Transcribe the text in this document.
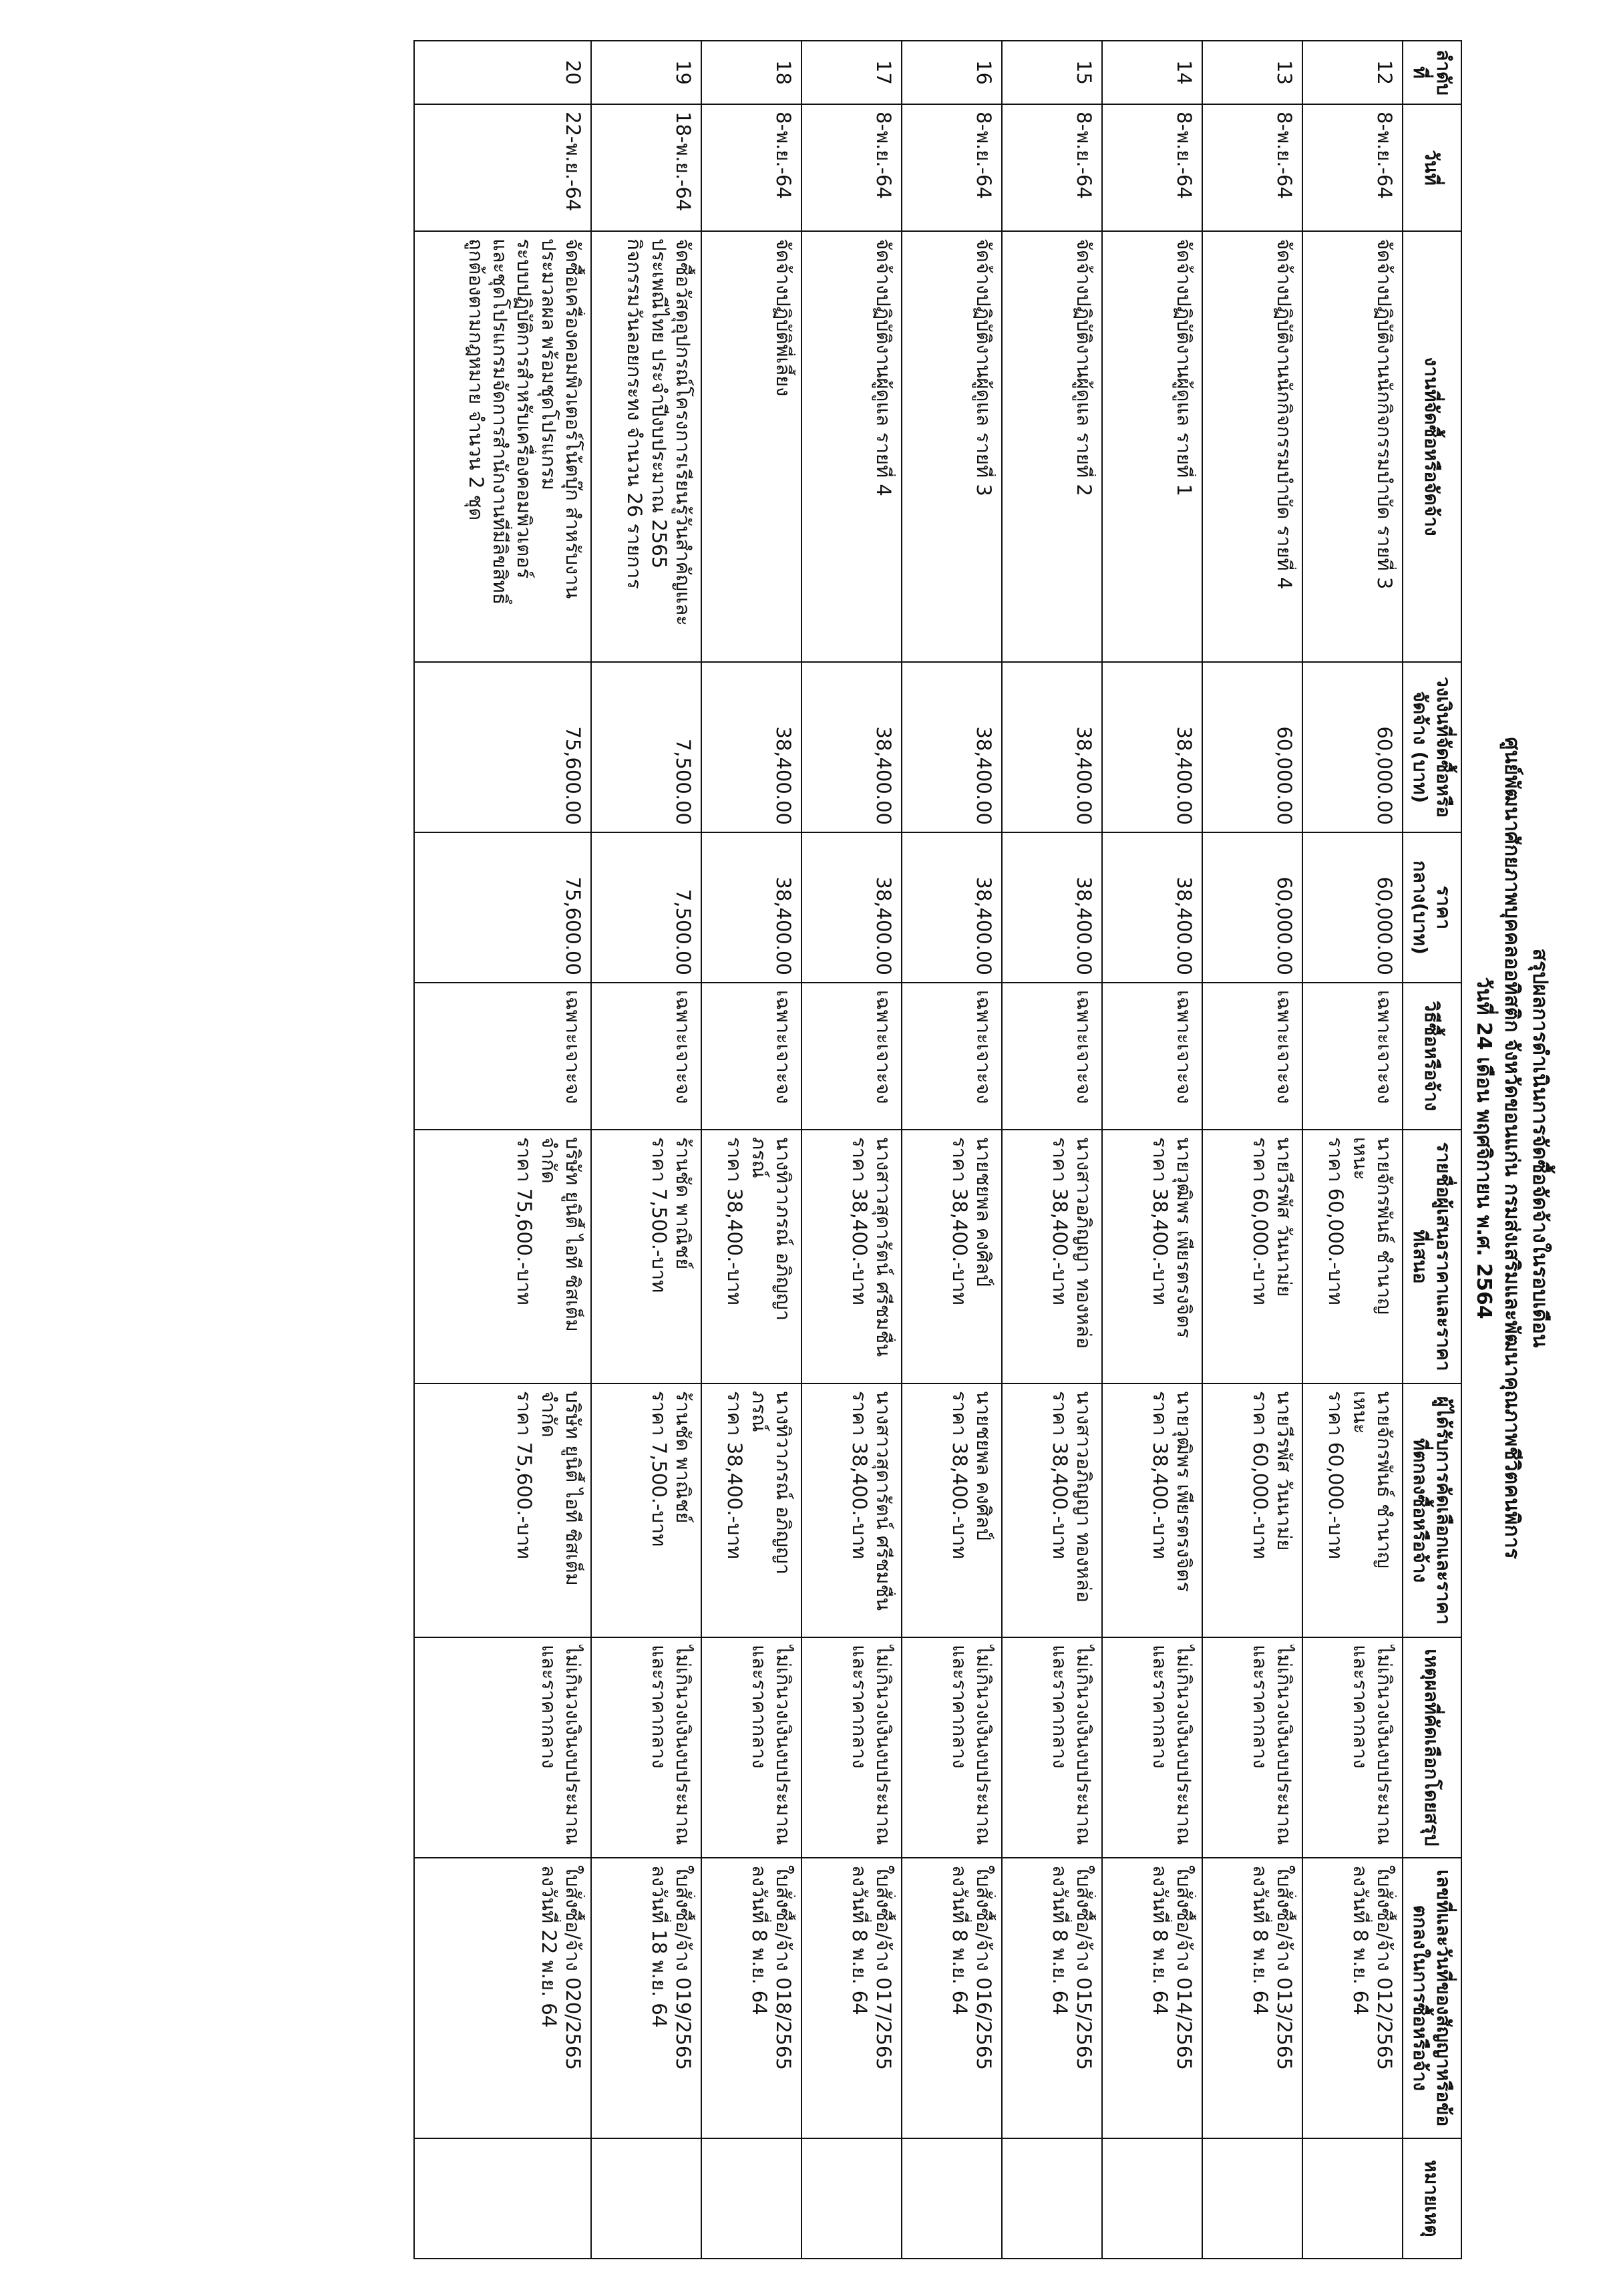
สรุปผลการดำเนินการจัดซื้อจัดจ้างในรอบเดือน
ศูนย์พัฒนาศักยภาพบุคคลออทิสติก จังหวัดขอนแก่น กรมส่งเสริมและพัฒนาคุณภาพชีวิตคนพิการ
วันที่ 24 เดือน พฤศจิกายน พ.ศ. 2564
ลำดับที่	วันที่	งานที่จัดซื้อหรือจัดจ้าง	วงเงินที่จัดซื้อหรือจัดจ้าง (บาท)	ราคากลาง(บาท)	วิธีซื้อหรือจ้าง	รายชื่อผู้เสนอราคาและราคาที่เสนอ	ผู้ได้รับการคัดเลือกและราคาที่ตกลงซื้อหรือจ้าง	เหตุผลที่คัดเลือกโดยสรุป	เลขที่และวันที่ของสัญญาหรือข้อตกลงในการซื้อหรือจ้าง	หมายเหตุ
12	8-พ.ย.-64	จัดจ้างปฏิบัติงานนักกิจกรรมบำบัด รายที่ 3	60,000.00	60,000.00	เฉพาะเจาะจง	นายจักรพันธ์ ชำนาญ
เหนะ
ราคา 60,000.-บาท	นายจักรพันธ์ ชำนาญ
เหนะ
ราคา 60,000.-บาท	ไม่เกินวงเงินงบประมาณ
และราคากลาง	ใบสั่งซื้อ/จ้าง 012/2565
ลงวันที่ 8 พ.ย. 64	

13	8-พ.ย.-64	จัดจ้างปฏิบัติงานนักกิจกรรมบำบัด รายที่ 4	60,000.00	60,000.00	เฉพาะเจาะจง	นายวีรพัส วันนาม่ย
ราคา 60,000.-บาท	นายวีรพัส วันนาม่ย
ราคา 60,000.-บาท	ไม่เกินวงเงินงบประมาณ
และราคากลาง	ใบสั่งซื้อ/จ้าง 013/2565
ลงวันที่ 8 พ.ย. 64	

14	8-พ.ย.-64	จัดจ้างปฏิบัติงานผู้ดูแล รายที่ 1	38,400.00	38,400.00	เฉพาะเจาะจง	นายวุฒิพร เพียรตรงจิตร
ราคา 38,400.-บาท	นายวุฒิพร เพียรตรงจิตร
ราคา 38,400.-บาท	ไม่เกินวงเงินงบประมาณ
และราคากลาง	ใบสั่งซื้อ/จ้าง 014/2565
ลงวันที่ 8 พ.ย. 64	

15	8-พ.ย.-64	จัดจ้างปฏิบัติงานผู้ดูแล รายที่ 2	38,400.00	38,400.00	เฉพาะเจาะจง	นางสาวอภิญญา ทองหล่อ
ราคา 38,400.-บาท	นางสาวอภิญญา ทองหล่อ
ราคา 38,400.-บาท	ไม่เกินวงเงินงบประมาณ
และราคากลาง	ใบสั่งซื้อ/จ้าง 015/2565
ลงวันที่ 8 พ.ย. 64	

16	8-พ.ย.-64	จัดจ้างปฏิบัติงานผู้ดูแล รายที่ 3	38,400.00	38,400.00	เฉพาะเจาะจง	นายชยพล คงศิลป์
ราคา 38,400.-บาท	นายชยพล คงศิลป์
ราคา 38,400.-บาท	ไม่เกินวงเงินงบประมาณ
และราคากลาง	ใบสั่งซื้อ/จ้าง 016/2565
ลงวันที่ 8 พ.ย. 64	

17	8-พ.ย.-64	จัดจ้างปฏิบัติงานผู้ดูแล รายที่ 4	38,400.00	38,400.00	เฉพาะเจาะจง	นางสาวสุดารัตน์ ศรีชมชื่น
ราคา 38,400.-บาท	นางสาวสุดารัตน์ ศรีชมชื่น
ราคา 38,400.-บาท	ไม่เกินวงเงินงบประมาณ
และราคากลาง	ใบสั่งซื้อ/จ้าง 017/2565
ลงวันที่ 8 พ.ย. 64	

18	8-พ.ย.-64	จัดจ้างปฏิบัติพี่เลี้ยง	38,400.00	38,400.00	เฉพาะเจาะจง	นางทิวาภรณ์ อภิญญา
ภรณ์
ราคา 38,400.-บาท	นางทิวาภรณ์ อภิญญา
ภรณ์
ราคา 38,400.-บาท	ไม่เกินวงเงินงบประมาณ
และราคากลาง	ใบสั่งซื้อ/จ้าง 018/2565
ลงวันที่ 8 พ.ย. 64	

19	18-พ.ย.-64	จัดซื้อวัสดุอุปกรณ์โครงการเรียนรู้วันสำคัญและ
ประเพณีไทย ประจำปีงบประมาณ 2565
กิจกรรมวันลอยกระทง จำนวน 26 รายการ	7,500.00	7,500.00	เฉพาะเจาะจง	ร้านชัด พาณิชย์
ราคา 7,500.-บาท	ร้านชัด พาณิชย์
ราคา 7,500.-บาท	ไม่เกินวงเงินงบประมาณ
และราคากลาง	ใบสั่งซื้อ/จ้าง 019/2565
ลงวันที่ 18 พ.ย. 64	

20	22-พ.ย.-64	จัดซื้อเครื่องคอมพิวเตอร์โน้ตบุ๊ก สำหรับงาน
ประมวลผล พร้อมชุดโปรแกรม
ระบบปฏิบัติการสำหรับเครื่องคอมพิวเตอร์
และชุดโปรแกรมจัดการสำนักงานที่มีลิขสิทธิ์
ถูกต้องตามกฎหมาย จำนวน 2 ชุด	75,600.00	75,600.00	เฉพาะเจาะจง	บริษัท ยูนิตี้ ไอที ซิสเต็ม
จำกัด
ราคา 75,600.-บาท	บริษัท ยูนิตี้ ไอที ซิสเต็ม
จำกัด
ราคา 75,600.-บาท	ไม่เกินวงเงินงบประมาณ
และราคากลาง	ใบสั่งซื้อ/จ้าง 020/2565
ลงวันที่ 22 พ.ย. 64	
